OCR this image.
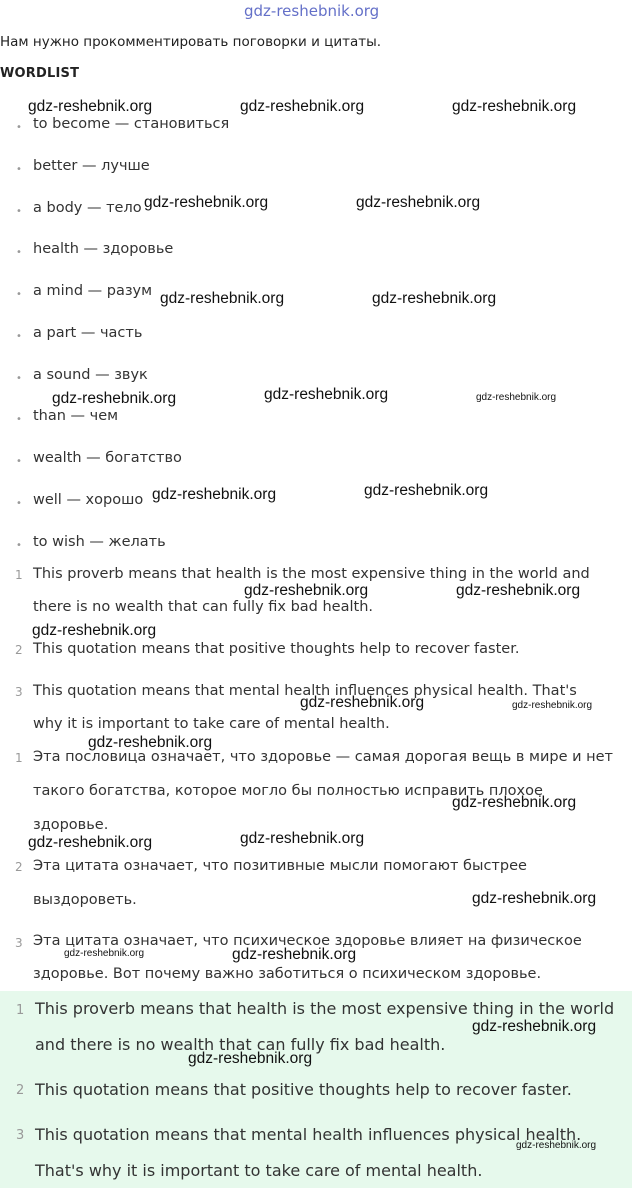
gdz-reshebnik.org
Нам нужно прокомментировать поговорки и цитаты.
WORDLIST
• to become — становиться
• better — лучше
• a body — тело
• health — здоровье
• a mind — разум
• a part — часть
• a sound — звук
• than — чем
• wealth — богатство
• well — хорошо
• to wish — желать
1 This proverb means that health is the most expensive thing in the world and
there is no wealth that can fully fix bad health.
2 This quotation means that positive thoughts help to recover faster.
3 This quotation means that mental health influences physical health. That's
why it is important to take care of mental health.
1 Эта пословица означает, что здоровье — самая дорогая вещь в мире и нет
такого богатства, которое могло бы полностью исправить плохое
здоровье.
2 Эта цитата означает, что позитивные мысли помогают быстрее
выздороветь.
3 Эта цитата означает, что психическое здоровье влияет на физическое
здоровье. Вот почему важно заботиться о психическом здоровье.
1 This proverb means that health is the most expensive thing in the world
and there is no wealth that can fully fix bad health.
2 This quotation means that positive thoughts help to recover faster.
3 This quotation means that mental health influences physical health.
That's why it is important to take care of mental health.
gdz-reshebnik.org	gdz-reshebnik.org	gdz-reshebnik.org
gdz-reshebnik.org	gdz-reshebnik.org
gdz-reshebnik.org	gdz-reshebnik.org
gdz-reshebnik.org	gdz-reshebnik.org	gdz-reshebnik.org
gdz-reshebnik.org	gdz-reshebnik.org
gdz-reshebnik.org	gdz-reshebnik.org
gdz-reshebnik.org
gdz-reshebnik.org	gdz-reshebnik.org
gdz-reshebnik.org
gdz-reshebnik.org
gdz-reshebnik.org	gdz-reshebnik.org
gdz-reshebnik.org
gdz-reshebnik.org	gdz-reshebnik.org
gdz-reshebnik.org
gdz-reshebnik.org
gdz-reshebnik.org
